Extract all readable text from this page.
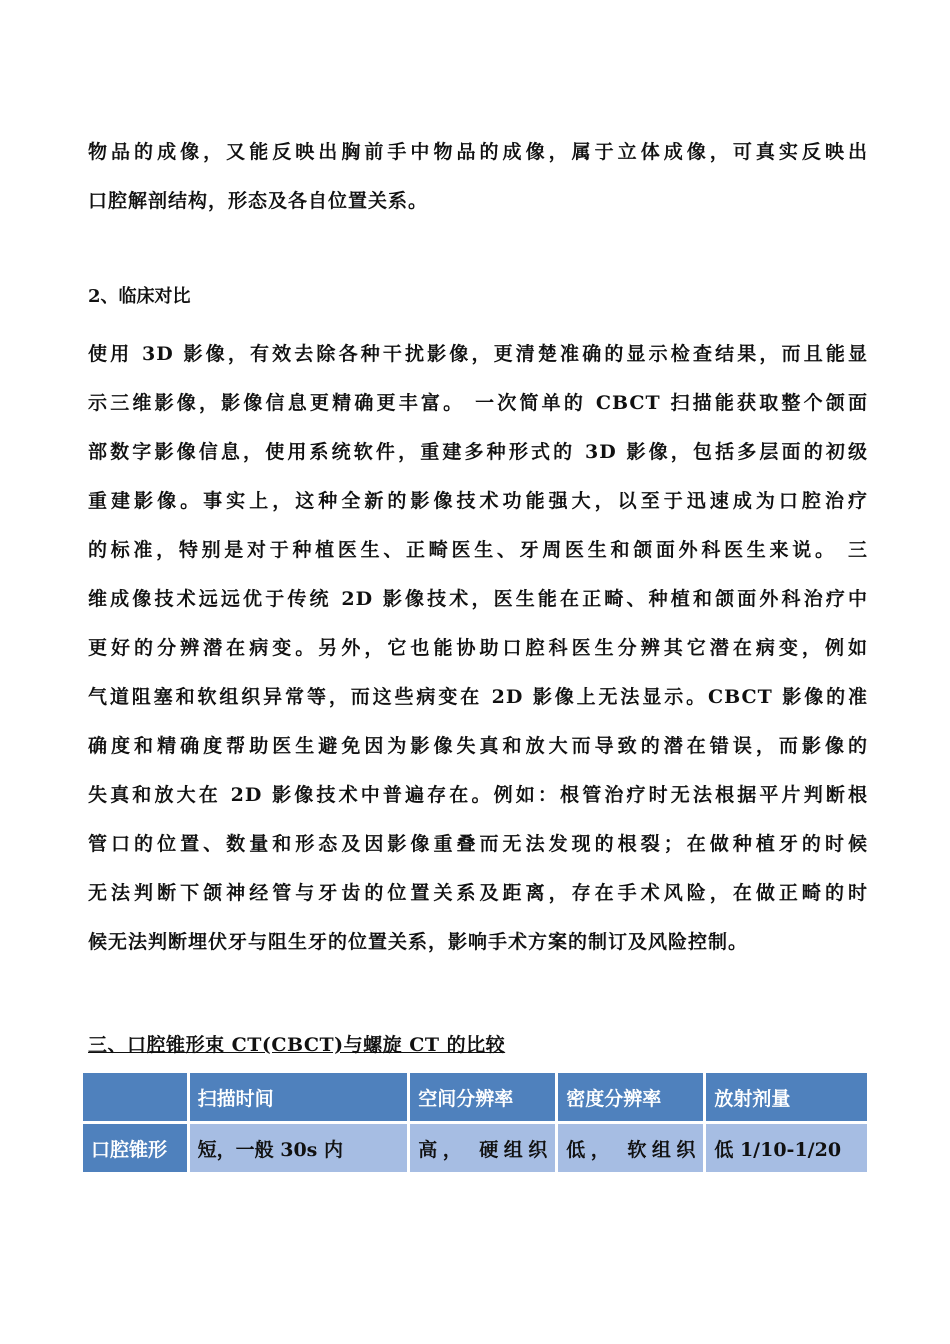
物品的成像，又能反映出胸前手中物品的成像，属于立体成像，可真实反映出
口腔解剖结构，形态及各自位置关系。
2、临床对比
使用 3D 影像，有效去除各种干扰影像，更清楚准确的显示检查结果，而且能显
示三维影像，影像信息更精确更丰富。 一次简单的 CBCT 扫描能获取整个颌面
部数字影像信息，使用系统软件，重建多种形式的 3D 影像，包括多层面的初级
重建影像。事实上，这种全新的影像技术功能强大，以至于迅速成为口腔治疗
的标准，特别是对于种植医生、正畸医生、牙周医生和颌面外科医生来说。 三
维成像技术远远优于传统 2D 影像技术，医生能在正畸、种植和颌面外科治疗中
更好的分辨潜在病变。另外，它也能协助口腔科医生分辨其它潜在病变，例如
气道阻塞和软组织异常等，而这些病变在 2D 影像上无法显示。CBCT 影像的准
确度和精确度帮助医生避免因为影像失真和放大而导致的潜在错误，而影像的
失真和放大在 2D 影像技术中普遍存在。例如：根管治疗时无法根据平片判断根
管口的位置、数量和形态及因影像重叠而无法发现的根裂；在做种植牙的时候
无法判断下颌神经管与牙齿的位置关系及距离，存在手术风险，在做正畸的时
候无法判断埋伏牙与阻生牙的位置关系，影响手术方案的制订及风险控制。
三、口腔锥形束 CT(CBCT)与螺旋 CT 的比较
	扫描时间	空间分辨率	密度分辨率	放射剂量
口腔锥形	短，一般 30s 内	高， 硬组织	低， 软组织	低 1/10-1/20
